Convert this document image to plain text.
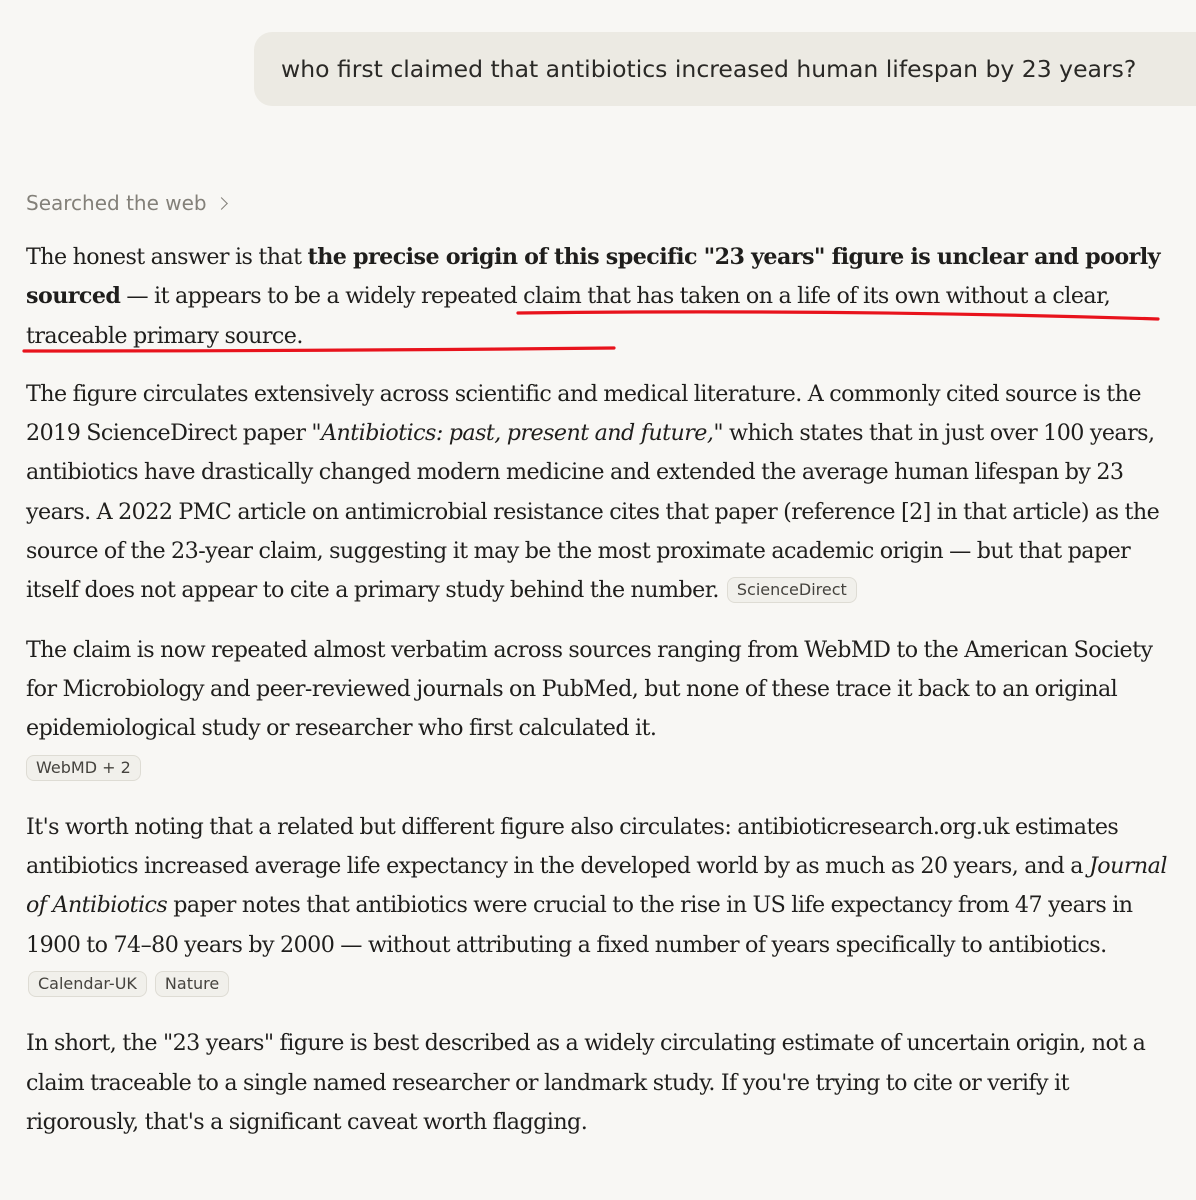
who first claimed that antibiotics increased human lifespan by 23 years?
Searched the web

The honest answer is that the precise origin of this specific "23 years" figure is unclear and poorly sourced — it appears to be a widely repeated claim that has taken on a life of its own without a clear, traceable primary source.

The figure circulates extensively across scientific and medical literature. A commonly cited source is the 2019 ScienceDirect paper "Antibiotics: past, present and future," which states that in just over 100 years, antibiotics have drastically changed modern medicine and extended the average human lifespan by 23 years. A 2022 PMC article on antimicrobial resistance cites that paper (reference [2] in that article) as the source of the 23-year claim, suggesting it may be the most proximate academic origin — but that paper itself does not appear to cite a primary study behind the number. ScienceDirect

The claim is now repeated almost verbatim across sources ranging from WebMD to the American Society for Microbiology and peer-reviewed journals on PubMed, but none of these trace it back to an original epidemiological study or researcher who first calculated it.
WebMD + 2

It's worth noting that a related but different figure also circulates: antibioticresearch.org.uk estimates antibiotics increased average life expectancy in the developed world by as much as 20 years, and a Journal of Antibiotics paper notes that antibiotics were crucial to the rise in US life expectancy from 47 years in 1900 to 74–80 years by 2000 — without attributing a fixed number of years specifically to antibiotics. Calendar-UK Nature

In short, the "23 years" figure is best described as a widely circulating estimate of uncertain origin, not a claim traceable to a single named researcher or landmark study. If you're trying to cite or verify it rigorously, that's a significant caveat worth flagging.
